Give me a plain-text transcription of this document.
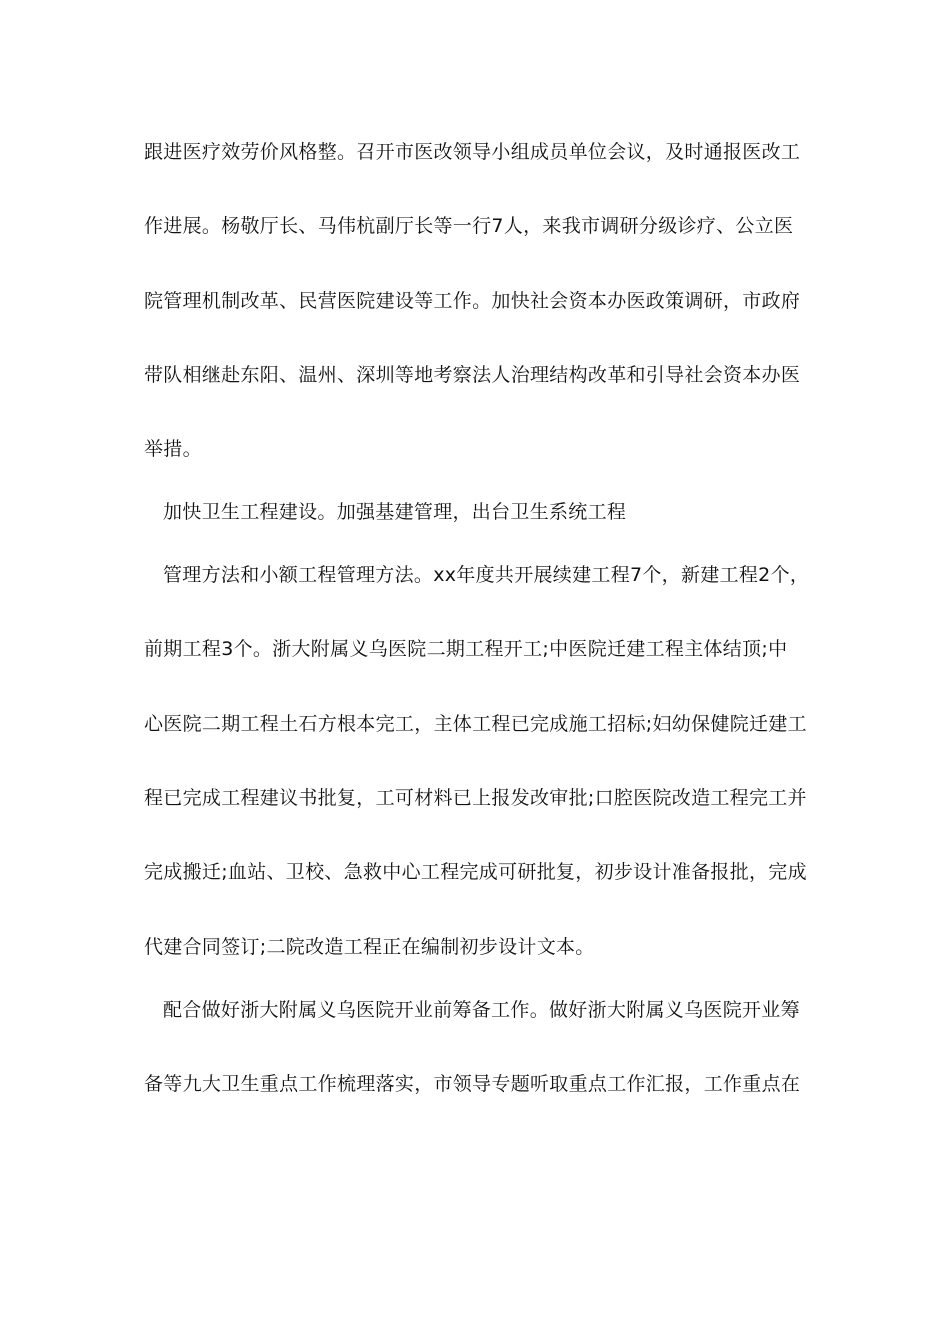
跟进医疗效劳价风格整。召开市医改领导小组成员单位会议，及时通报医改工
作进展。杨敬厅长、马伟杭副厅长等一行7人，来我市调研分级诊疗、公立医
院管理机制改革、民营医院建设等工作。加快社会资本办医政策调研，市政府
带队相继赴东阳、温州、深圳等地考察法人治理结构改革和引导社会资本办医
举措。
加快卫生工程建设。加强基建管理，出台卫生系统工程
管理方法和小额工程管理方法。xx年度共开展续建工程7个，新建工程2个，
前期工程3个。浙大附属义乌医院二期工程开工;中医院迁建工程主体结顶;中
心医院二期工程土石方根本完工，主体工程已完成施工招标;妇幼保健院迁建工
程已完成工程建议书批复，工可材料已上报发改审批;口腔医院改造工程完工并
完成搬迁;血站、卫校、急救中心工程完成可研批复，初步设计准备报批，完成
代建合同签订;二院改造工程正在编制初步设计文本。
配合做好浙大附属义乌医院开业前筹备工作。做好浙大附属义乌医院开业筹
备等九大卫生重点工作梳理落实，市领导专题听取重点工作汇报，工作重点在
